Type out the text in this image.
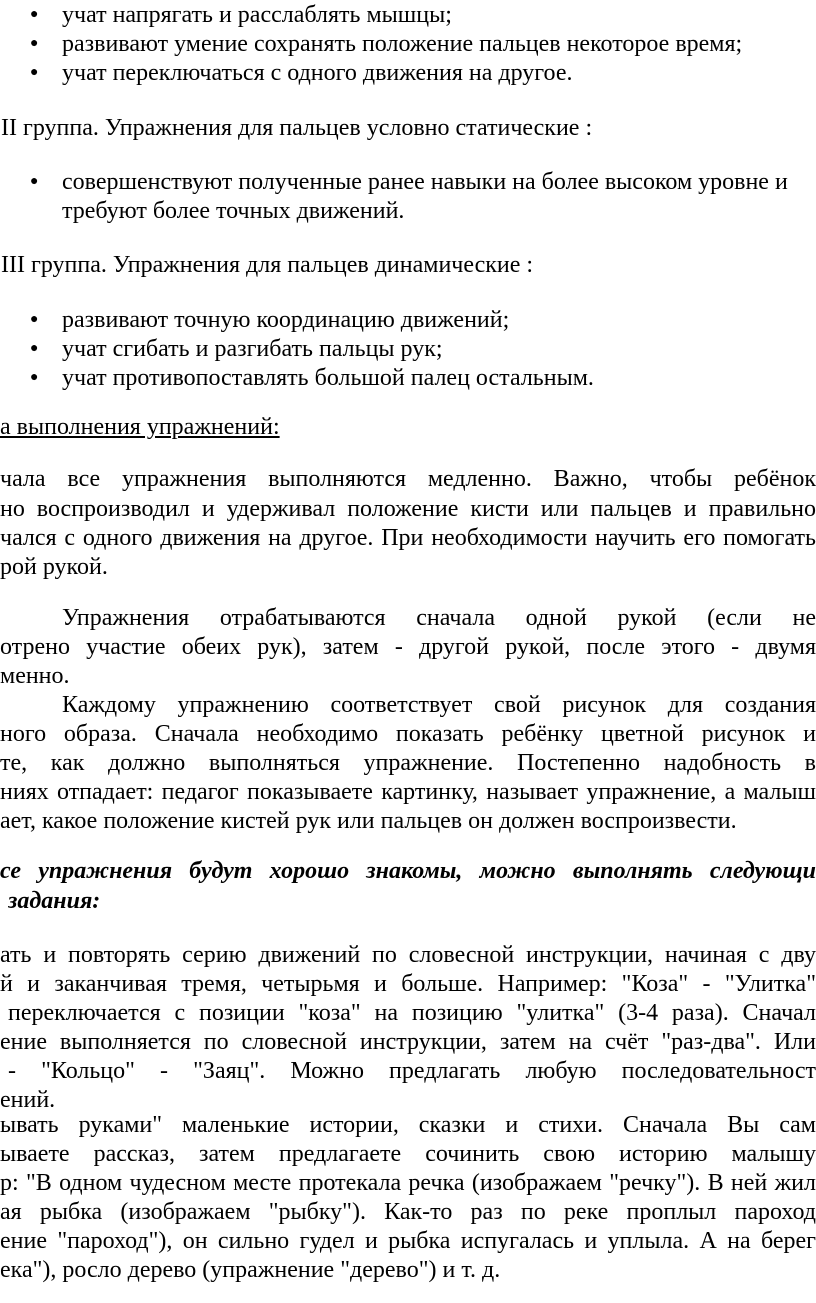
● учат напрягать и расслаблять мышцы;
● развивают умение сохранять положение пальцев некоторое время;
● учат переключаться с одного движения на другое.
II группа. Упражнения для пальцев условно статические :
● совершенствуют полученные ранее навыки на более высоком уровне и
требуют более точных движений.
III группа. Упражнения для пальцев динамические :
● развивают точную координацию движений;
● учат сгибать и разгибать пальцы рук;
● учат противопоставлять большой палец остальным.
а выполнения упражнений:
чала все упражнения выполняются медленно. Важно, чтобы ребёнок
но воспроизводил и удерживал положение кисти или пальцев и правильно
чался с одного движения на другое. При необходимости научить его помогать
рой рукой.
Упражнения отрабатываются сначала одной рукой (если не
отрено участие обеих рук), затем - другой рукой, после этого - двумя
менно.
Каждому упражнению соответствует свой рисунок для создания
ного образа. Сначала необходимо показать ребёнку цветной рисунок и
те, как должно выполняться упражнение. Постепенно надобность в
ниях отпадает: педагог показываете картинку, называет упражнение, а малыш
ает, какое положение кистей рук или пальцев он должен воспроизвести.
се упражнения будут хорошо знакомы, можно выполнять следующи
задания:
ать и повторять серию движений по словесной инструкции, начиная с дву
й и заканчивая тремя, четырьмя и больше. Например: "Коза" - "Улитка"
переключается с позиции "коза" на позицию "улитка" (3-4 раза). Сначал
ение выполняется по словесной инструкции, затем на счёт "раз-два". Или
- "Кольцо" - "Заяц". Можно предлагать любую последовательност
ений.
ывать руками" маленькие истории, сказки и стихи. Сначала Вы сам
ываете рассказ, затем предлагаете сочинить свою историю малышу
р: "В одном чудесном месте протекала речка (изображаем "речку"). В ней жил
ая рыбка (изображаем "рыбку"). Как-то раз по реке проплыл пароход
ение "пароход"), он сильно гудел и рыбка испугалась и уплыла. А на берег
ека"), росло дерево (упражнение "дерево") и т. д.
